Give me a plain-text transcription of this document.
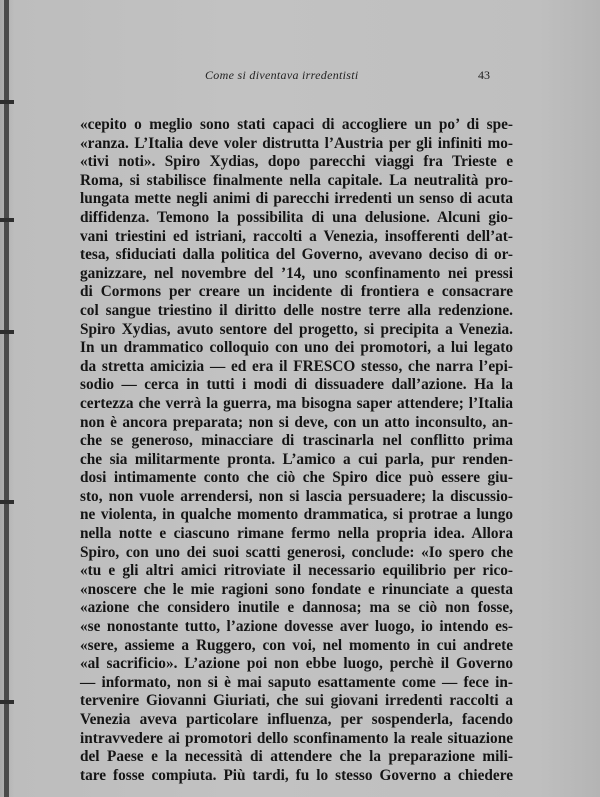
Come si diventava irredentisti	43
«cepito o meglio sono stati capaci di accogliere un po’ di spe-
«ranza. L’Italia deve voler distrutta l’Austria per gli infiniti mo-
«tivi noti». Spiro Xydias, dopo parecchi viaggi fra Trieste e
Roma, si stabilisce finalmente nella capitale. La neutralità pro-
lungata mette negli animi di parecchi irredenti un senso di acuta
diffidenza. Temono la possibilita di una delusione. Alcuni gio-
vani triestini ed istriani, raccolti a Venezia, insofferenti dell’at-
tesa, sfiduciati dalla politica del Governo, avevano deciso di or-
ganizzare, nel novembre del ’14, uno sconfinamento nei pressi
di Cormons per creare un incidente di frontiera e consacrare
col sangue triestino il diritto delle nostre terre alla redenzione.
Spiro Xydias, avuto sentore del progetto, si precipita a Venezia.
In un drammatico colloquio con uno dei promotori, a lui legato
da stretta amicizia — ed era il FRESCO stesso, che narra l’epi-
sodio — cerca in tutti i modi di dissuadere dall’azione. Ha la
certezza che verrà la guerra, ma bisogna saper attendere; l’Italia
non è ancora preparata; non si deve, con un atto inconsulto, an-
che se generoso, minacciare di trascinarla nel conflitto prima
che sia militarmente pronta. L’amico a cui parla, pur renden-
dosi intimamente conto che ciò che Spiro dice può essere giu-
sto, non vuole arrendersi, non si lascia persuadere; la discussio-
ne violenta, in qualche momento drammatica, si protrae a lungo
nella notte e ciascuno rimane fermo nella propria idea. Allora
Spiro, con uno dei suoi scatti generosi, conclude: «Io spero che
«tu e gli altri amici ritroviate il necessario equilibrio per rico-
«noscere che le mie ragioni sono fondate e rinunciate a questa
«azione che considero inutile e dannosa; ma se ciò non fosse,
«se nonostante tutto, l’azione dovesse aver luogo, io intendo es-
«sere, assieme a Ruggero, con voi, nel momento in cui andrete
«al sacrificio». L’azione poi non ebbe luogo, perchè il Governo
— informato, non si è mai saputo esattamente come — fece in-
tervenire Giovanni Giuriati, che sui giovani irredenti raccolti a
Venezia aveva particolare influenza, per sospenderla, facendo
intravvedere ai promotori dello sconfinamento la reale situazione
del Paese e la necessità di attendere che la preparazione mili-
tare fosse compiuta. Più tardi, fu lo stesso Governo a chiedere
